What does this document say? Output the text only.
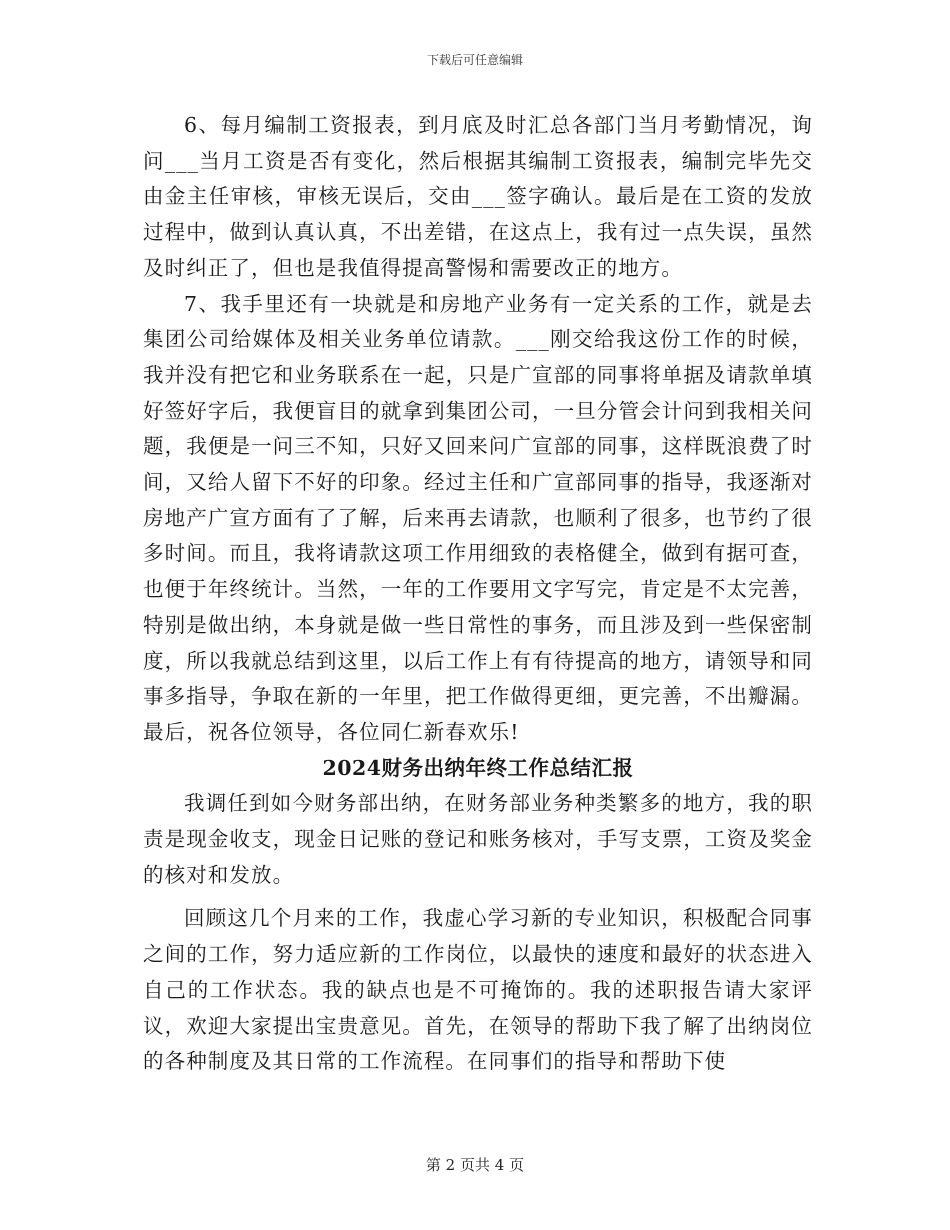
下载后可任意编辑

6、每月编制工资报表，到月底及时汇总各部门当月考勤情况，询问___当月工资是否有变化，然后根据其编制工资报表，编制完毕先交由金主任审核，审核无误后，交由___签字确认。最后是在工资的发放过程中，做到认真认真，不出差错，在这点上，我有过一点失误，虽然及时纠正了，但也是我值得提高警惕和需要改正的地方。

7、我手里还有一块就是和房地产业务有一定关系的工作，就是去集团公司给媒体及相关业务单位请款。___刚交给我这份工作的时候，我并没有把它和业务联系在一起，只是广宣部的同事将单据及请款单填好签好字后，我便盲目的就拿到集团公司，一旦分管会计问到我相关问题，我便是一问三不知，只好又回来问广宣部的同事，这样既浪费了时间，又给人留下不好的印象。经过主任和广宣部同事的指导，我逐渐对房地产广宣方面有了了解，后来再去请款，也顺利了很多，也节约了很多时间。而且，我将请款这项工作用细致的表格健全，做到有据可查，也便于年终统计。当然，一年的工作要用文字写完，肯定是不太完善，特别是做出纳，本身就是做一些日常性的事务，而且涉及到一些保密制度，所以我就总结到这里，以后工作上有有待提高的地方，请领导和同事多指导，争取在新的一年里，把工作做得更细，更完善，不出瓣漏。最后，祝各位领导，各位同仁新春欢乐!

2024财务出纳年终工作总结汇报

我调任到如今财务部出纳，在财务部业务种类繁多的地方，我的职责是现金收支，现金日记账的登记和账务核对，手写支票，工资及奖金的核对和发放。

回顾这几个月来的工作，我虚心学习新的专业知识，积极配合同事之间的工作，努力适应新的工作岗位，以最快的速度和最好的状态进入自己的工作状态。我的缺点也是不可掩饰的。我的述职报告请大家评议，欢迎大家提出宝贵意见。首先，在领导的帮助下我了解了出纳岗位的各种制度及其日常的工作流程。在同事们的指导和帮助下使

第 2 页共 4 页
